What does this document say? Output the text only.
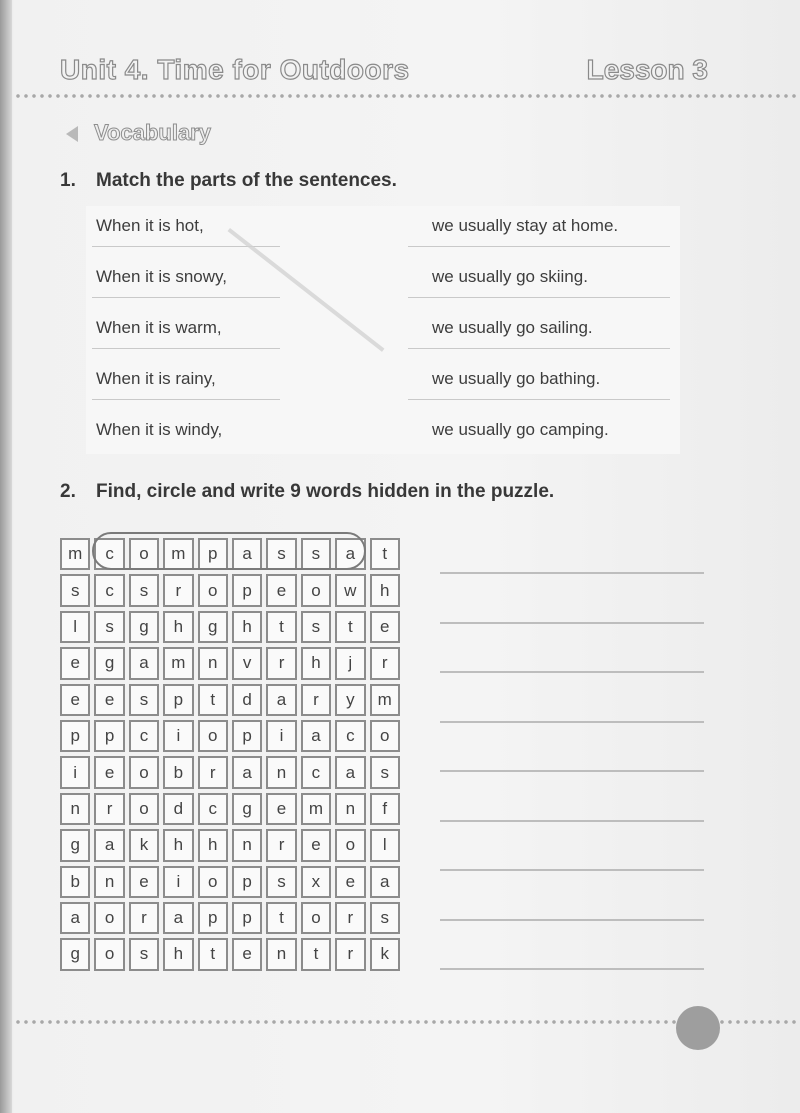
Unit 4. Time for Outdoors	Lesson 3
Vocabulary
1. Match the parts of the sentences.
When it is hot,	we usually stay at home.
When it is snowy,	we usually go skiing.
When it is warm,	we usually go sailing.
When it is rainy,	we usually go bathing.
When it is windy,	we usually go camping.
2. Find, circle and write 9 words hidden in the puzzle.
m	c	o	m	p	a	s	s	a	t
s	c	s	r	o	p	e	o	w	h
l	s	g	h	g	h	t	s	t	e
e	g	a	m	n	v	r	h	j	r
e	e	s	p	t	d	a	r	y	m
p	p	c	i	o	p	i	a	c	o
i	e	o	b	r	a	n	c	a	s
n	r	o	d	c	g	e	m	n	f
g	a	k	h	h	n	r	e	o	l
b	n	e	i	o	p	s	x	e	a
a	o	r	a	p	p	t	o	r	s
g	o	s	h	t	e	n	t	r	k
